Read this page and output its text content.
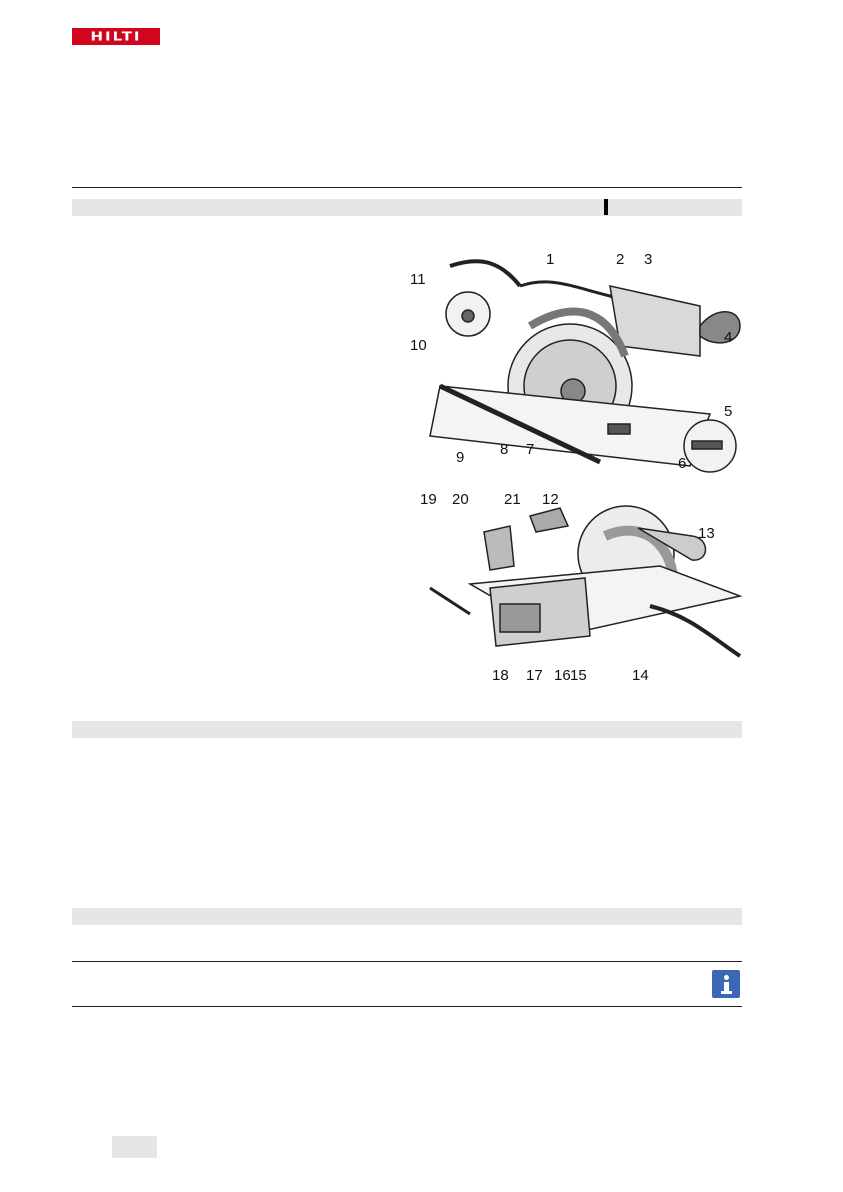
HILTI
1	2 3
4
5
6
7
8
9
10
11
19 20 21 12
13
14
15
16
17
18
